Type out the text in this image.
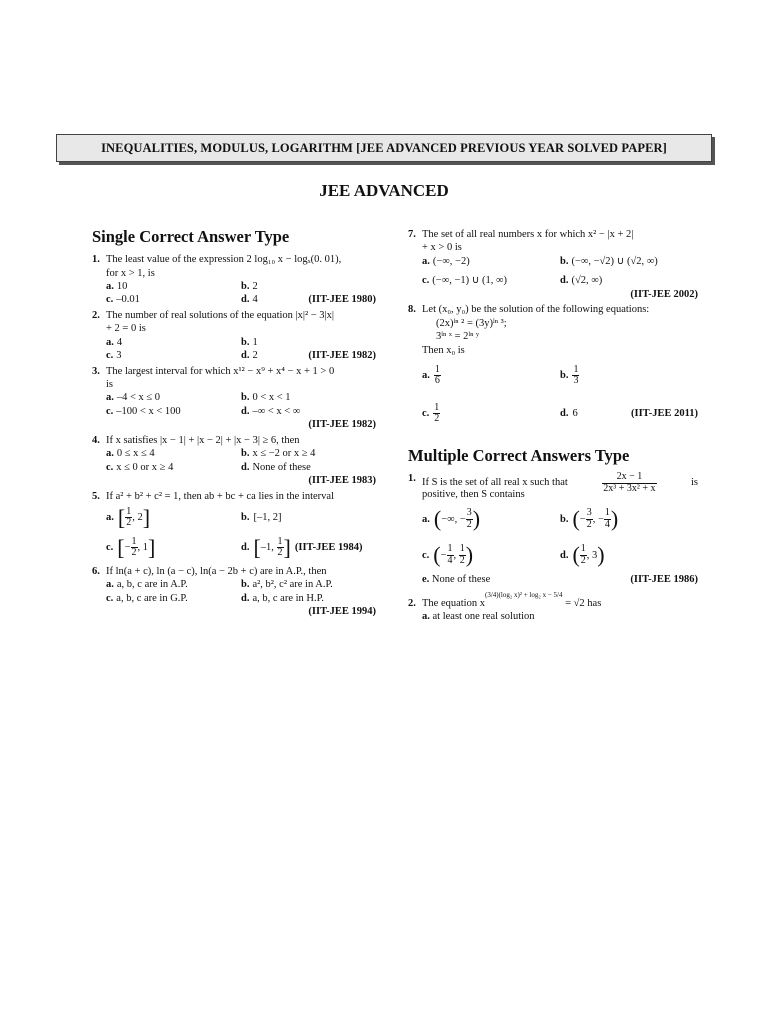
INEQUALITIES, MODULUS, LOGARITHM [JEE ADVANCED PREVIOUS YEAR SOLVED PAPER]
JEE ADVANCED
Single Correct Answer Type
1. The least value of the expression 2 log₁₀ x − logₓ(0. 01),
for x > 1, is
a. 10	b. 2
c. –0.01	d. 4	(IIT-JEE 1980)
2. The number of real solutions of the equation |x|² − 3|x|
+ 2 = 0 is
a. 4	b. 1
c. 3	d. 2	(IIT-JEE 1982)
3. The largest interval for which x¹² − x⁹ + x⁴ − x + 1 > 0
is
a. –4 < x ≤ 0	b. 0 < x < 1
c. –100 < x < 100	d. –∞ < x < ∞
(IIT-JEE 1982)
4. If x satisfies |x − 1| + |x − 2| + |x − 3| ≥ 6, then
a. 0 ≤ x ≤ 4	b. x ≤ −2 or x ≥ 4
c. x ≤ 0 or x ≥ 4	d. None of these
(IIT-JEE 1983)
5. If a² + b² + c² = 1, then ab + bc + ca lies in the interval
a. [ $\frac{1}{2}$ , 2 ]	b. [–1, 2]
c. [ − $\frac{1}{2}$ , 1 ]	d. [ –1 , $\frac{1}{2}$ ] (IIT-JEE 1984)
6. If ln(a + c), ln (a − c), ln(a − 2b + c) are in A.P., then
a. a, b, c are in A.P.	b. a², b², c² are in A.P.
c. a, b, c are in G.P.	d. a, b, c are in H.P.
(IIT-JEE 1994)
7. The set of all real numbers x for which x² − |x + 2|
+ x > 0 is
a. (−∞, −2)	b. (−∞, −√2) ∪ (√2, ∞)
c. (−∞, −1) ∪ (1, ∞)	d. (√2, ∞)
(IIT-JEE 2002)
8. Let (x₀, y₀) be the solution of the following equations:
(2x)ˡⁿ ² = (3y)ˡⁿ ³;
3ˡⁿ ˣ = 2ˡⁿ ʸ
Then x₀ is
a. $\frac{1}{6}$	b. $\frac{1}{3}$
c. $\frac{1}{2}$	d. 6	(IIT-JEE 2011)
Multiple Correct Answers Type
1. If S is the set of all real x such that	$\frac{2x - 1}{\text{2x³ + 3x² + x}}$	is
positive, then S contains
a. ( − ∞ , − $\frac{3}{2}$ )	b. ( − $\frac{3}{2}$ , − $\frac{1}{4}$ )
c. ( − $\frac{1}{4}$ , $\frac{1}{2}$ )	d. ( $\frac{1}{2}$ , 3 )
e. None of these	(IIT-JEE 1986)
2. The equation x(3/4)(log₂ x)² + log₂ x − 5/4 = √2 has
a. at least one real solution
